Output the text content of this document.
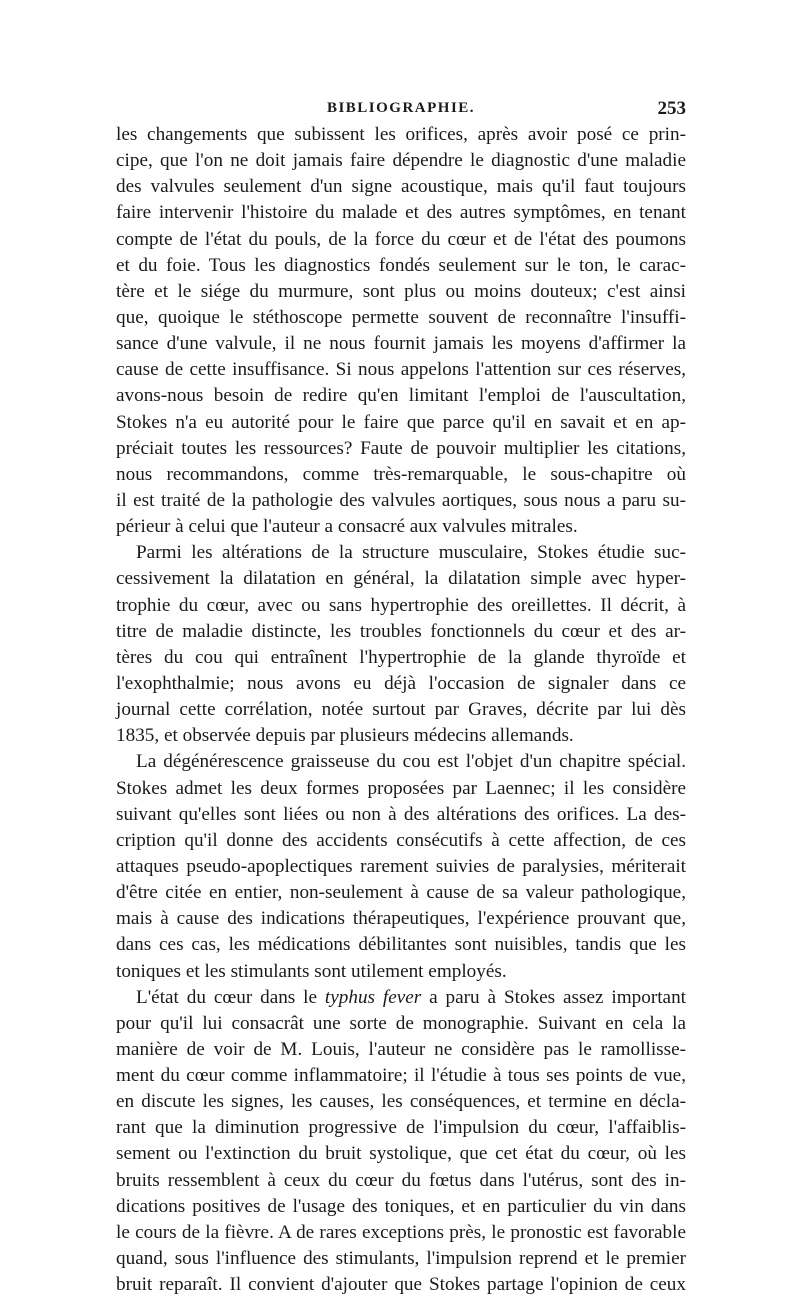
BIBLIOGRAPHIE.	253
les changements que subissent les orifices, après avoir posé ce prin-
cipe, que l'on ne doit jamais faire dépendre le diagnostic d'une maladie
des valvules seulement d'un signe acoustique, mais qu'il faut toujours
faire intervenir l'histoire du malade et des autres symptômes, en tenant
compte de l'état du pouls, de la force du cœur et de l'état des poumons
et du foie. Tous les diagnostics fondés seulement sur le ton, le carac-
tère et le siége du murmure, sont plus ou moins douteux; c'est ainsi
que, quoique le stéthoscope permette souvent de reconnaître l'insuffi-
sance d'une valvule, il ne nous fournit jamais les moyens d'affirmer la
cause de cette insuffisance. Si nous appelons l'attention sur ces réserves,
avons-nous besoin de redire qu'en limitant l'emploi de l'auscultation,
Stokes n'a eu autorité pour le faire que parce qu'il en savait et en ap-
préciait toutes les ressources? Faute de pouvoir multiplier les citations,
nous recommandons, comme très-remarquable, le sous-chapitre où
il est traité de la pathologie des valvules aortiques, sous nous a paru su-
périeur à celui que l'auteur a consacré aux valvules mitrales.
Parmi les altérations de la structure musculaire, Stokes étudie suc-
cessivement la dilatation en général, la dilatation simple avec hyper-
trophie du cœur, avec ou sans hypertrophie des oreillettes. Il décrit, à
titre de maladie distincte, les troubles fonctionnels du cœur et des ar-
tères du cou qui entraînent l'hypertrophie de la glande thyroïde et
l'exophthalmie; nous avons eu déjà l'occasion de signaler dans ce
journal cette corrélation, notée surtout par Graves, décrite par lui dès
1835, et observée depuis par plusieurs médecins allemands.
La dégénérescence graisseuse du cou est l'objet d'un chapitre spécial.
Stokes admet les deux formes proposées par Laennec; il les considère
suivant qu'elles sont liées ou non à des altérations des orifices. La des-
cription qu'il donne des accidents consécutifs à cette affection, de ces
attaques pseudo-apoplectiques rarement suivies de paralysies, mériterait
d'être citée en entier, non-seulement à cause de sa valeur pathologique,
mais à cause des indications thérapeutiques, l'expérience prouvant que,
dans ces cas, les médications débilitantes sont nuisibles, tandis que les
toniques et les stimulants sont utilement employés.
L'état du cœur dans le typhus fever a paru à Stokes assez important
pour qu'il lui consacrât une sorte de monographie. Suivant en cela la
manière de voir de M. Louis, l'auteur ne considère pas le ramollisse-
ment du cœur comme inflammatoire; il l'étudie à tous ses points de vue,
en discute les signes, les causes, les conséquences, et termine en décla-
rant que la diminution progressive de l'impulsion du cœur, l'affaiblis-
sement ou l'extinction du bruit systolique, que cet état du cœur, où les
bruits ressemblent à ceux du cœur du fœtus dans l'utérus, sont des in-
dications positives de l'usage des toniques, et en particulier du vin dans
le cours de la fièvre. A de rares exceptions près, le pronostic est favorable
quand, sous l'influence des stimulants, l'impulsion reprend et le premier
bruit reparaît. Il convient d'ajouter que Stokes partage l'opinion de ceux
